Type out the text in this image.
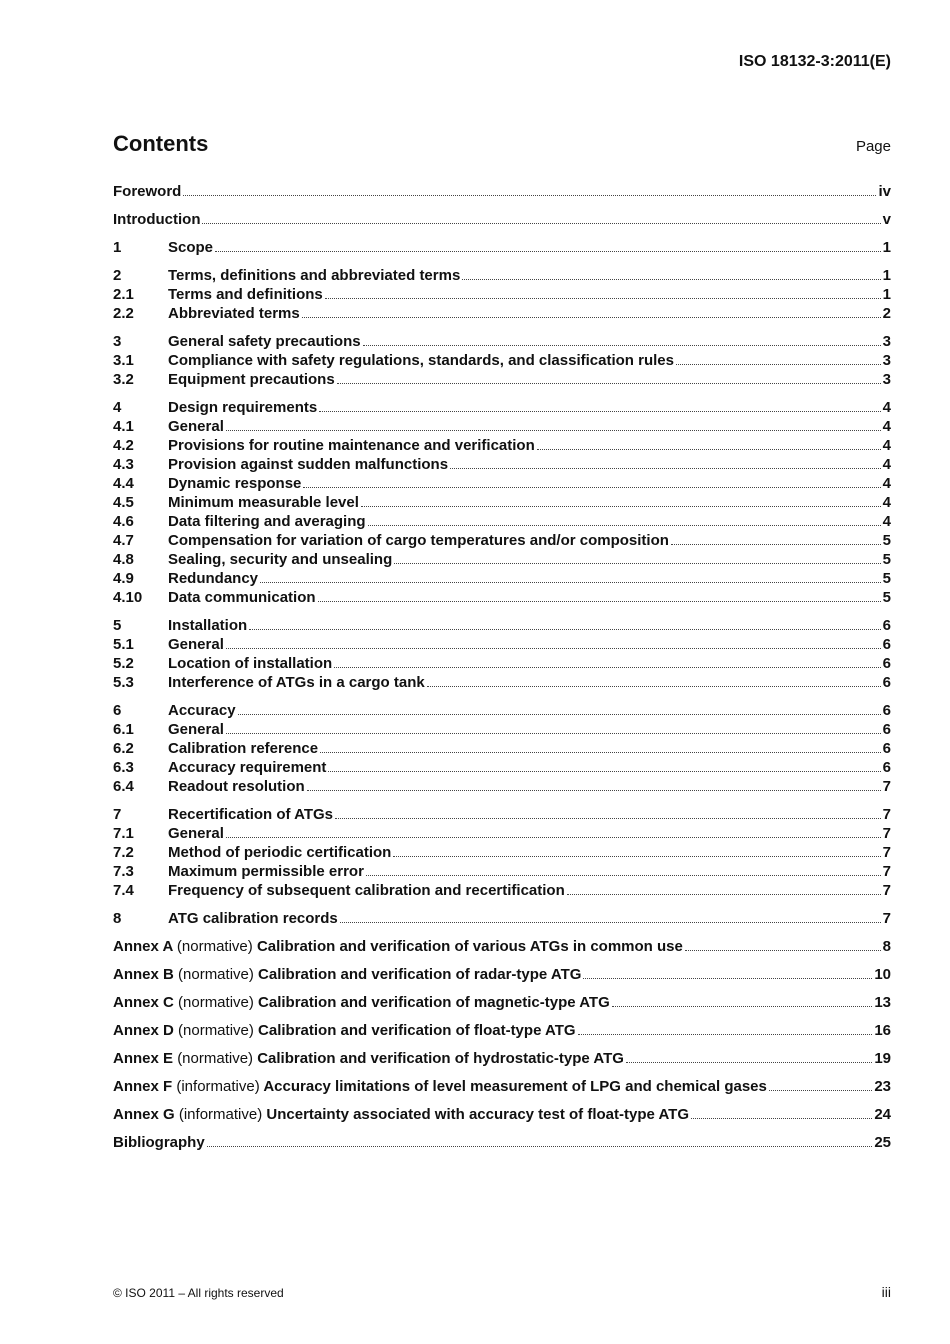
ISO 18132-3:2011(E)
Contents	Page
Foreword	iv
Introduction	v
1	Scope	1
2	Terms, definitions and abbreviated terms	1
2.1	Terms and definitions	1
2.2	Abbreviated terms	2
3	General safety precautions	3
3.1	Compliance with safety regulations, standards, and classification rules	3
3.2	Equipment precautions	3
4	Design requirements	4
4.1	General	4
4.2	Provisions for routine maintenance and verification	4
4.3	Provision against sudden malfunctions	4
4.4	Dynamic response	4
4.5	Minimum measurable level	4
4.6	Data filtering and averaging	4
4.7	Compensation for variation of cargo temperatures and/or composition	5
4.8	Sealing, security and unsealing	5
4.9	Redundancy	5
4.10	Data communication	5
5	Installation	6
5.1	General	6
5.2	Location of installation	6
5.3	Interference of ATGs in a cargo tank	6
6	Accuracy	6
6.1	General	6
6.2	Calibration reference	6
6.3	Accuracy requirement	6
6.4	Readout resolution	7
7	Recertification of ATGs	7
7.1	General	7
7.2	Method of periodic certification	7
7.3	Maximum permissible error	7
7.4	Frequency of subsequent calibration and recertification	7
8	ATG calibration records	7
Annex A (normative) Calibration and verification of various ATGs in common use	8
Annex B (normative) Calibration and verification of radar-type ATG	10
Annex C (normative) Calibration and verification of magnetic-type ATG	13
Annex D (normative) Calibration and verification of float-type ATG	16
Annex E (normative) Calibration and verification of hydrostatic-type ATG	19
Annex F (informative) Accuracy limitations of level measurement of LPG and chemical gases	23
Annex G (informative) Uncertainty associated with accuracy test of float-type ATG	24
Bibliography	25
© ISO 2011 – All rights reserved	iii
